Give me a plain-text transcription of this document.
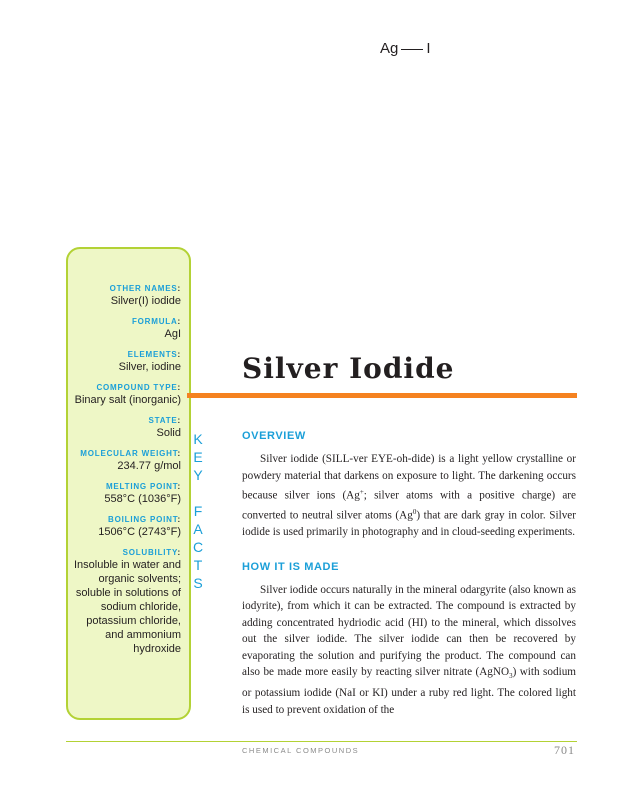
Ag I
OTHER NAMES:
Silver(I) iodide
FORMULA:
AgI
ELEMENTS:
Silver, iodine
COMPOUND TYPE:
Binary salt (inorganic)
STATE:
Solid
MOLECULAR WEIGHT:
234.77 g/mol
MELTING POINT:
558°C (1036°F)
BOILING POINT:
1506°C (2743°F)
SOLUBILITY:
Insoluble in water and organic solvents; soluble in solutions of sodium chloride, potassium chloride, and ammonium hydroxide
K
E
Y

F
A
C
T
S
Silver Iodide
OVERVIEW

Silver iodide (SILL-ver EYE-oh-dide) is a light yellow crystalline or powdery material that darkens on exposure to light. The darkening occurs because silver ions (Ag+; silver atoms with a positive charge) are converted to neutral silver atoms (Ag$^0$) that are dark gray in color. Silver iodide is used primarily in photography and in cloud-seeding experiments.

HOW IT IS MADE

Silver iodide occurs naturally in the mineral odargyrite (also known as iodyrite), from which it can be extracted. The compound is extracted by adding concentrated hydriodic acid (HI) to the mineral, which dissolves out the silver iodide. The silver iodide can then be recovered by evaporating the solution and purifying the product. The compound can also be made more easily by reacting silver nitrate (AgNO$_3$) with sodium or potassium iodide (NaI or KI) under a ruby red light. The colored light is used to prevent oxidation of the

CHEMICAL COMPOUNDS	701
